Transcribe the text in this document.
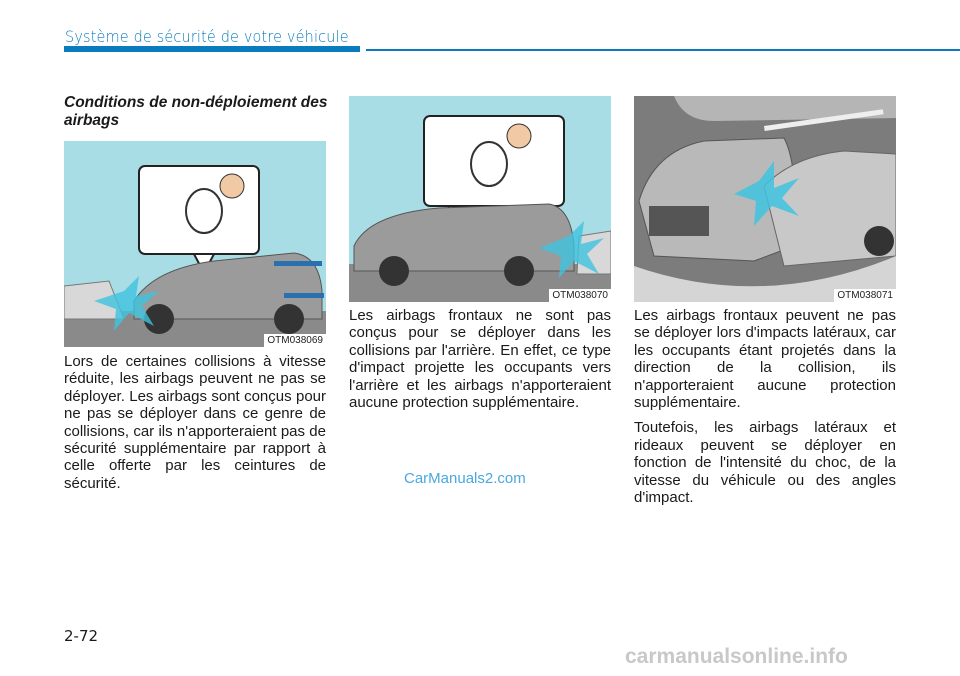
Système de sécurité de votre véhicule
Conditions de non-déploiement des airbags
OTM038069
OTM038070	OTM038071

Lors de certaines collisions à vitesse réduite, les airbags peuvent ne pas se déployer. Les airbags sont conçus pour ne pas se déployer dans ce genre de collisions, car ils n'apporteraient pas de sécurité supplémentaire par rapport à celle offerte par les ceintures de sécurité.

Les airbags frontaux ne sont pas conçus pour se déployer dans les collisions par l'arrière. En effet, ce type d'impact projette les occupants vers l'arrière et les airbags n'apporteraient aucune protection supplémentaire.

Les airbags frontaux peuvent ne pas se déployer lors d'impacts latéraux, car les occupants étant projetés dans la direction de la collision, ils n'apporteraient aucune protection supplémentaire.

Toutefois, les airbags latéraux et rideaux peuvent se déployer en fonction de l'intensité du choc, de la vitesse du véhicule ou des angles d'impact.

CarManuals2.com
2-72
carmanualsonline.info
